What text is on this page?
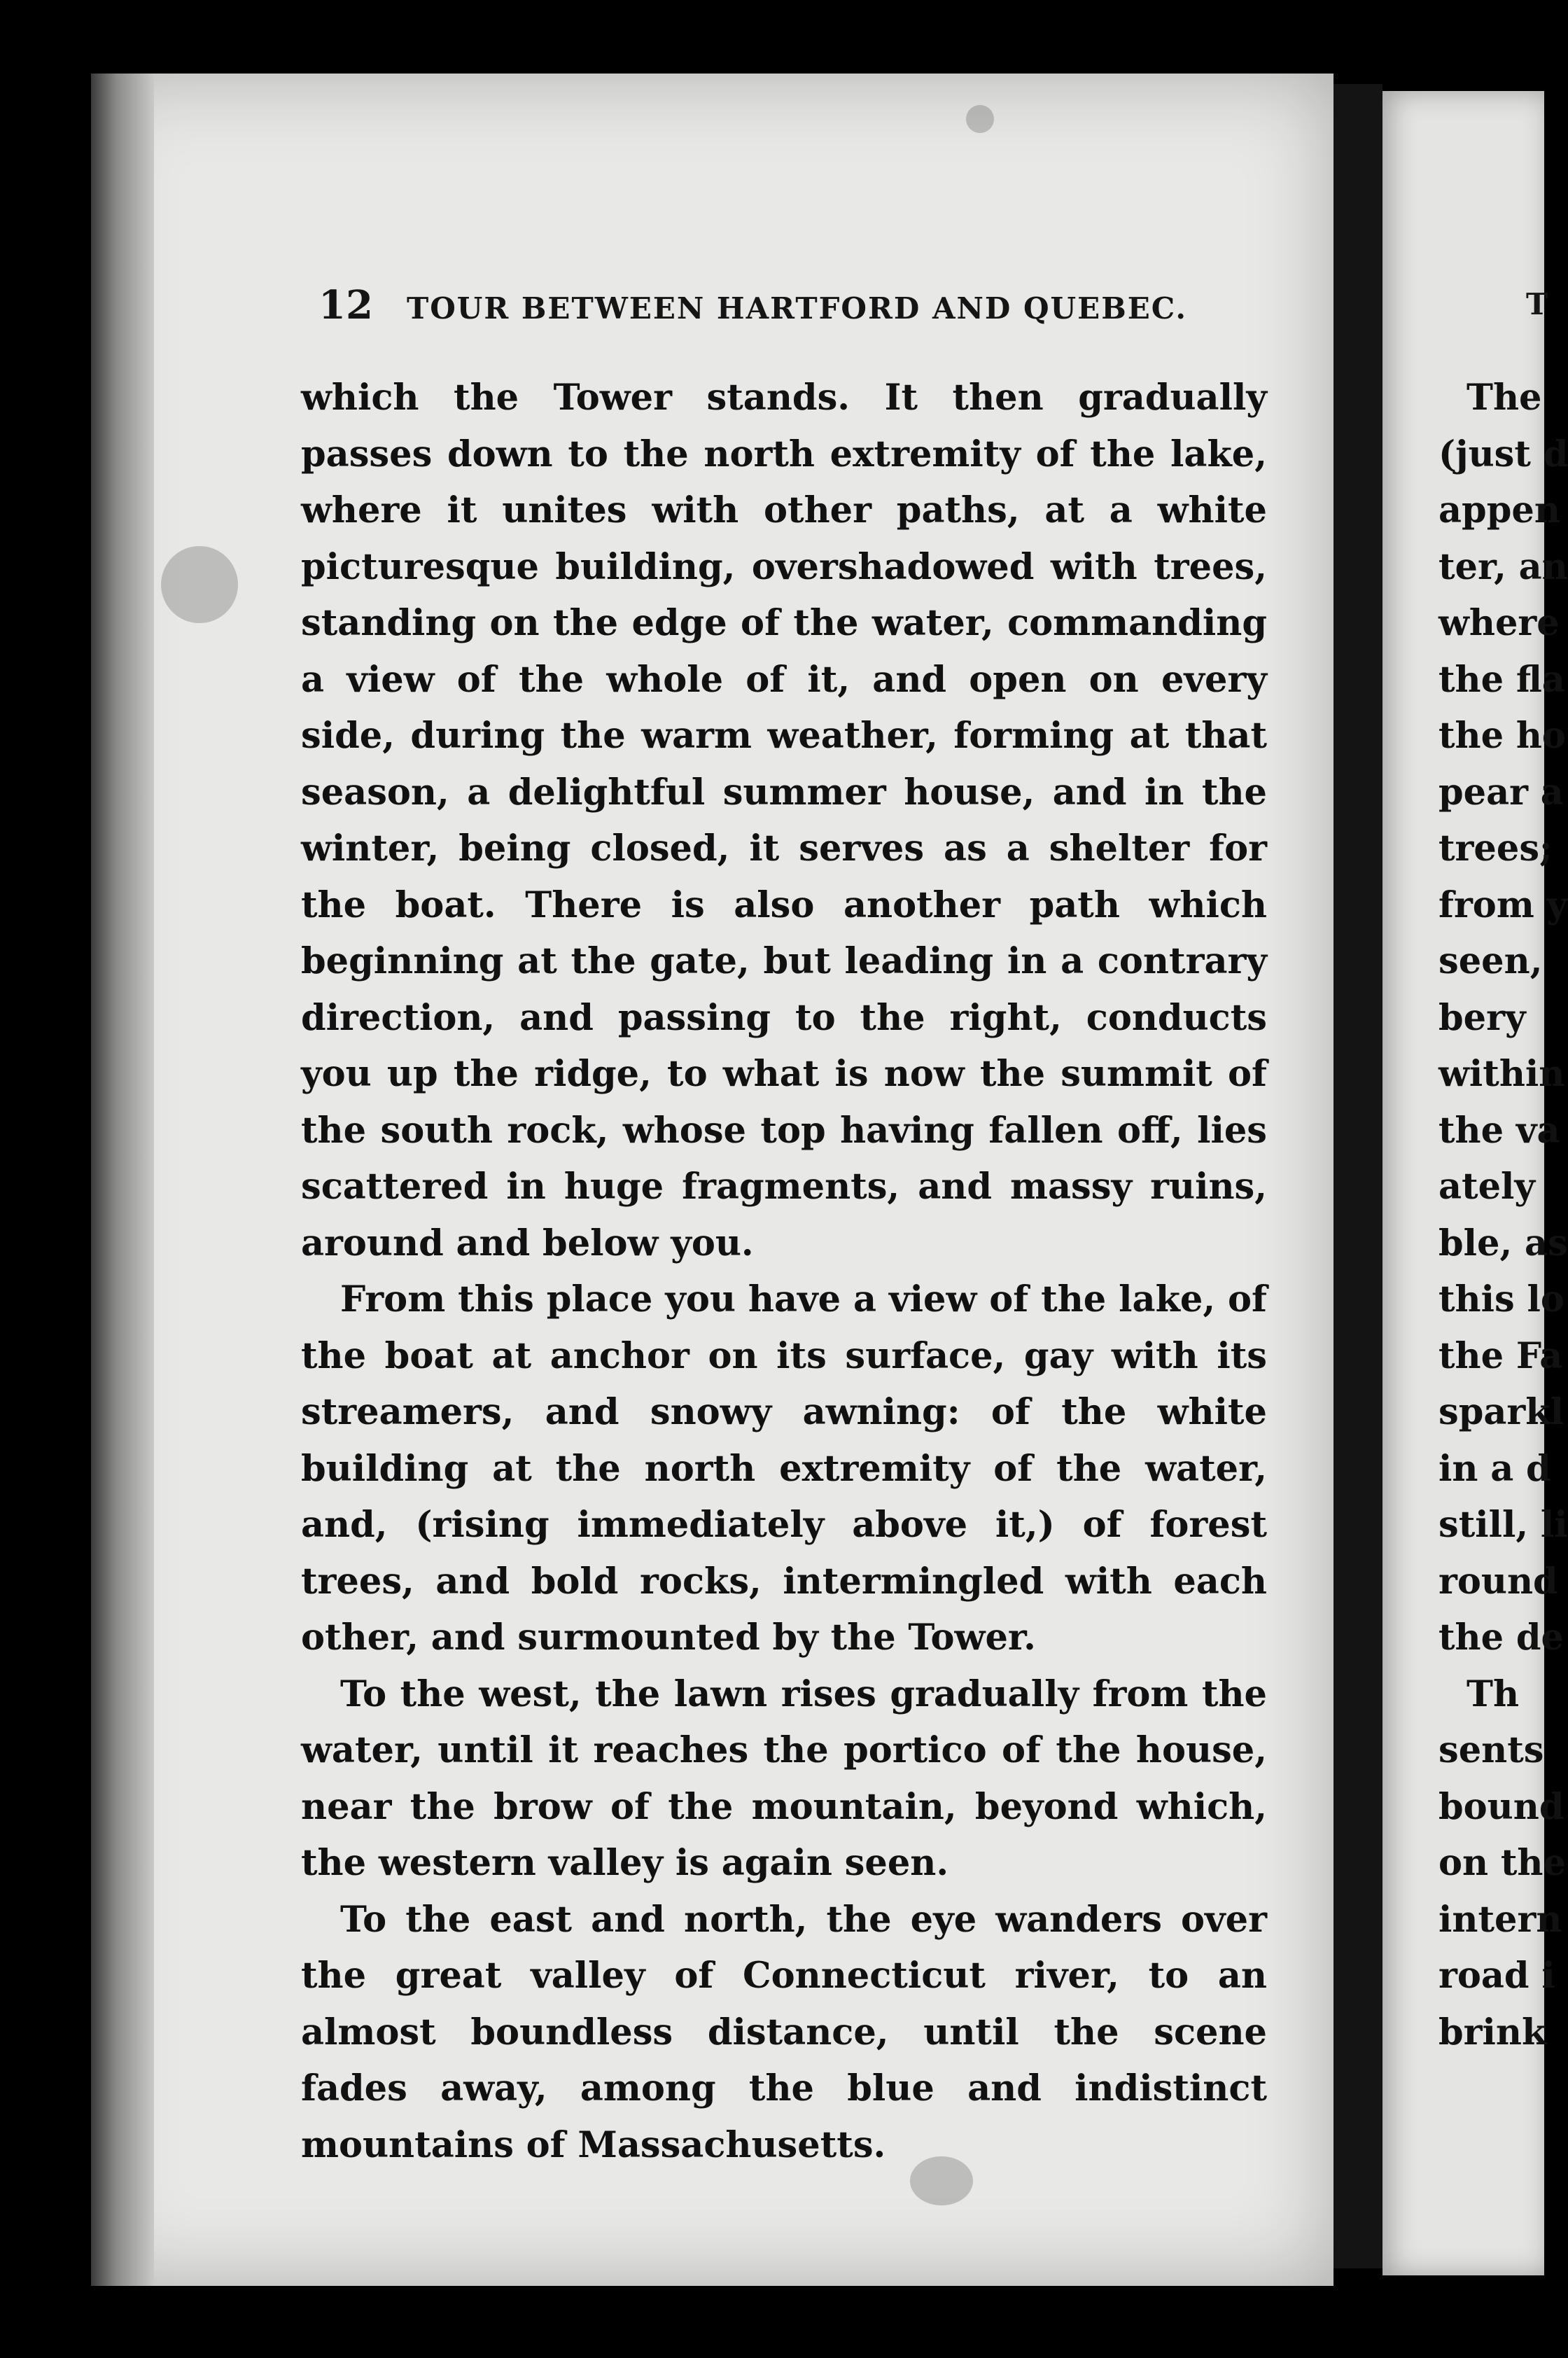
12 TOUR BETWEEN HARTFORD AND QUEBEC.

which the Tower stands. It then gradually passes down to the north extremity of the lake, where it unites with other paths, at a white picturesque building, overshadowed with trees, standing on the edge of the water, commanding a view of the whole of it, and open on every side, during the warm weather, forming at that season, a delightful summer house, and in the winter, being closed, it serves as a shelter for the boat. There is also another path which beginning at the gate, but leading in a contrary direction, and passing to the right, conducts you up the ridge, to what is now the summit of the south rock, whose top having fallen off, lies scattered in huge fragments, and massy ruins, around and below you.

From this place you have a view of the lake, of the boat at anchor on its surface, gay with its streamers, and snowy awning: of the white building at the north extremity of the water, and, (rising immediately above it,) of forest trees, and bold rocks, intermingled with each other, and surmounted by the Tower.

To the west, the lawn rises gradually from the water, until it reaches the portico of the house, near the brow of the mountain, beyond which, the western valley is again seen.

To the east and north, the eye wanders over the great valley of Connecticut river, to an almost boundless distance, until the scene fades away, among the blue and indistinct mountains of Massachusetts.

T
The
(just d
appen
ter, an
where
the fla
the ho
pear a
trees;
from y
seen,
bery
within
the va
ately
ble, as
this lo
the Fa
sparkl
in a d
still, li
round
the de
Th
sents
bound
on the
intern
road i
brink
